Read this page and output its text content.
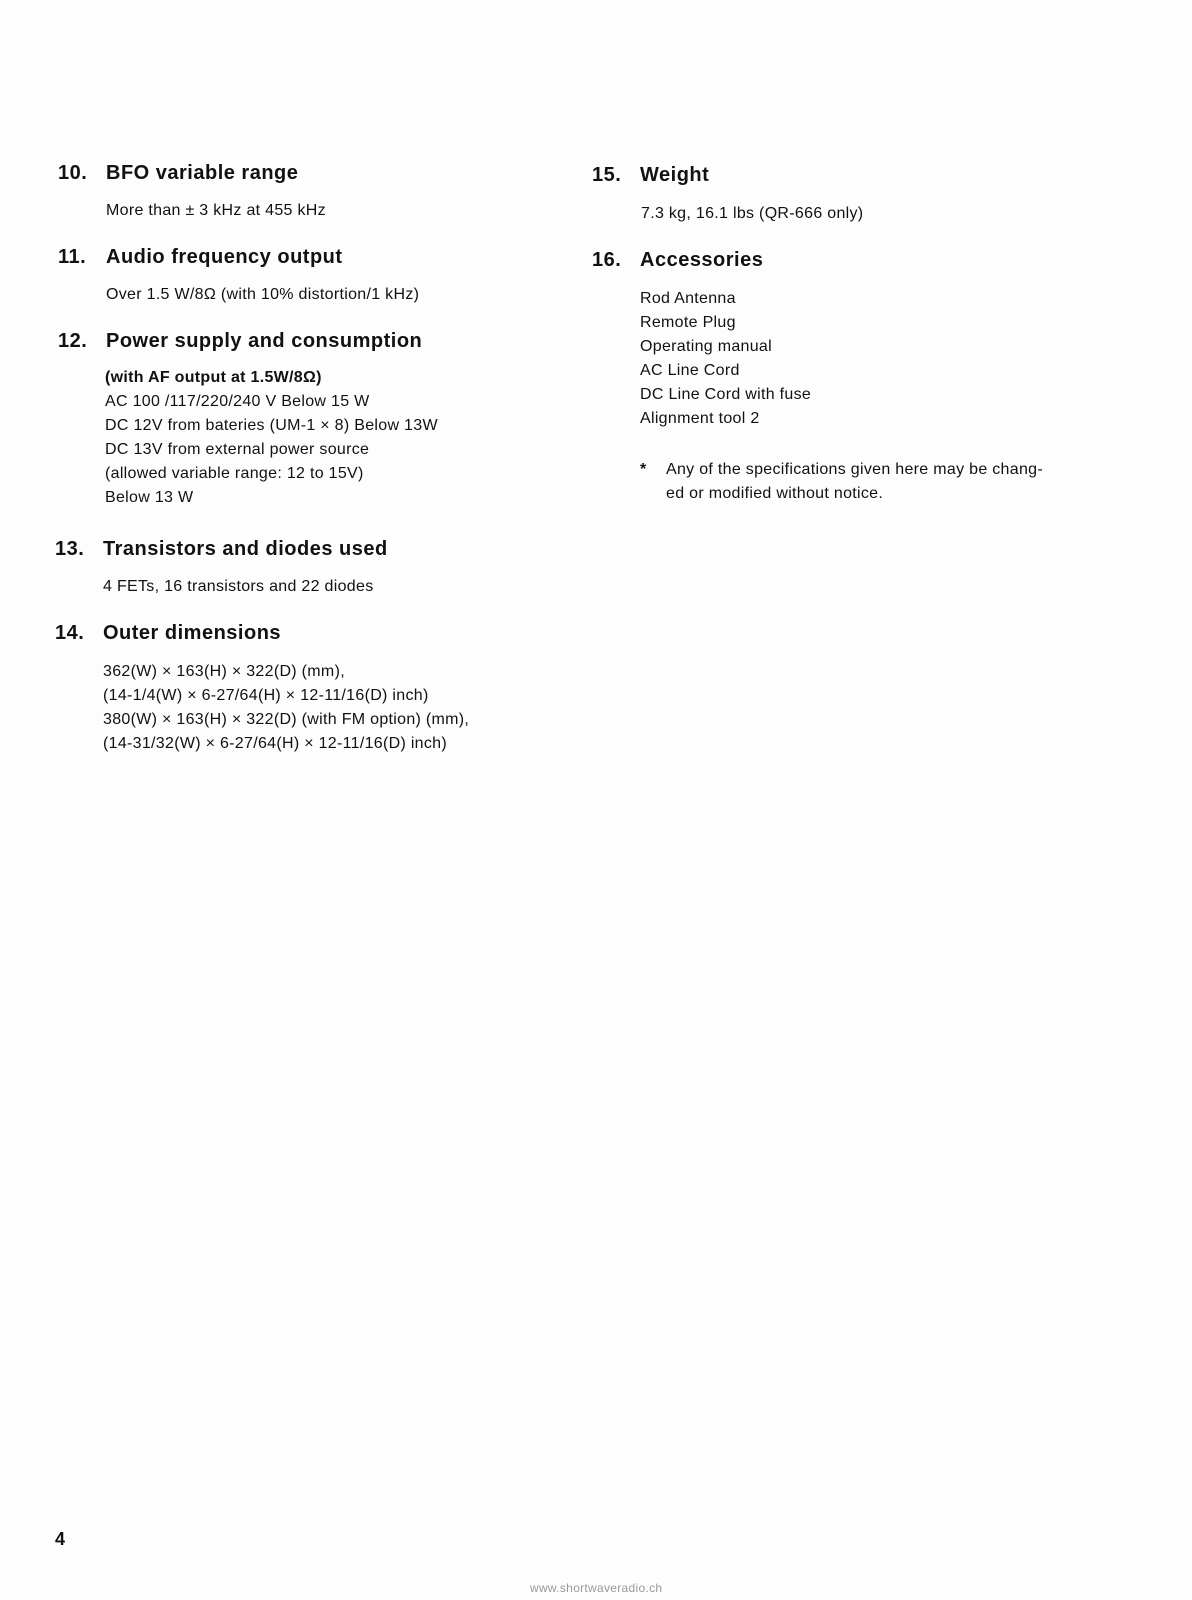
10. BFO variable range
More than ± 3 kHz at 455 kHz
11. Audio frequency output
Over 1.5 W/8Ω (with 10% distortion/1 kHz)
12. Power supply and consumption
(with AF output at 1.5W/8Ω)
AC 100 /117/220/240 V Below 15 W
DC 12V from bateries (UM-1 × 8) Below 13W
DC 13V from external power source
(allowed variable range: 12 to 15V)
Below 13 W
13. Transistors and diodes used
4 FETs, 16 transistors and 22 diodes
14. Outer dimensions
362(W) × 163(H) × 322(D) (mm),
(14-1/4(W) × 6-27/64(H) × 12-11/16(D) inch)
380(W) × 163(H) × 322(D) (with FM option) (mm),
(14-31/32(W) × 6-27/64(H) × 12-11/16(D) inch)
15. Weight
7.3 kg, 16.1 lbs (QR-666 only)
16. Accessories
Rod Antenna
Remote Plug
Operating manual
AC Line Cord
DC Line Cord with fuse
Alignment tool 2
* Any of the specifications given here may be chang-
ed or modified without notice.
4
www.shortwaveradio.ch
